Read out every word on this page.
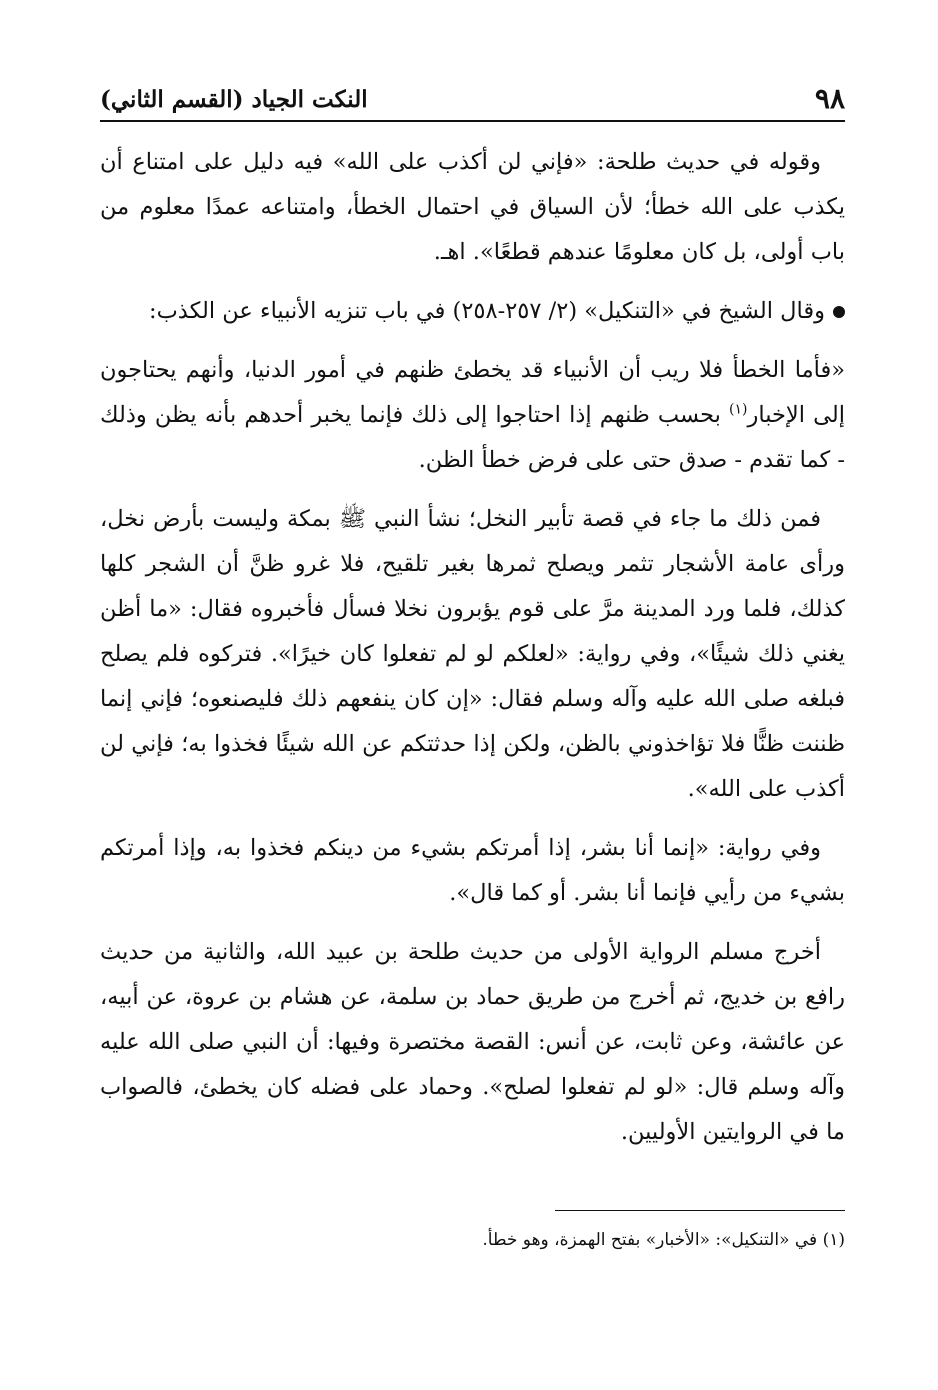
٩٨
النكت الجياد (القسم الثاني)

وقوله في حديث طلحة: «فإني لن أكذب على الله» فيه دليل على امتناع أن يكذب على الله خطأ؛ لأن السياق في احتمال الخطأ، وامتناعه عمدًا معلوم من باب أولى، بل كان معلومًا عندهم قطعًا». اهـ.

وقال الشيخ في «التنكيل» (٢/ ٢٥٧-٢٥٨) في باب تنزيه الأنبياء عن الكذب:

«فأما الخطأ فلا ريب أن الأنبياء قد يخطئ ظنهم في أمور الدنيا، وأنهم يحتاجون إلى الإخبار$^{(١)}$ بحسب ظنهم إذا احتاجوا إلى ذلك فإنما يخبر أحدهم بأنه يظن وذلك - كما تقدم - صدق حتى على فرض خطأ الظن.

فمن ذلك ما جاء في قصة تأبير النخل؛ نشأ النبي ﷺ بمكة وليست بأرض نخل، ورأى عامة الأشجار تثمر ويصلح ثمرها بغير تلقيح، فلا غرو ظنَّ أن الشجر كلها كذلك، فلما ورد المدينة مرَّ على قوم يؤبرون نخلا فسأل فأخبروه فقال: «ما أظن يغني ذلك شيئًا»، وفي رواية: «لعلكم لو لم تفعلوا كان خيرًا». فتركوه فلم يصلح فبلغه صلى الله عليه وآله وسلم فقال: «إن كان ينفعهم ذلك فليصنعوه؛ فإني إنما ظننت ظنًّا فلا تؤاخذوني بالظن، ولكن إذا حدثتكم عن الله شيئًا فخذوا به؛ فإني لن أكذب على الله».

وفي رواية: «إنما أنا بشر، إذا أمرتكم بشيء من دينكم فخذوا به، وإذا أمرتكم بشيء من رأيي فإنما أنا بشر. أو كما قال».

أخرج مسلم الرواية الأولى من حديث طلحة بن عبيد الله، والثانية من حديث رافع بن خديج، ثم أخرج من طريق حماد بن سلمة، عن هشام بن عروة، عن أبيه، عن عائشة، وعن ثابت، عن أنس: القصة مختصرة وفيها: أن النبي صلى الله عليه وآله وسلم قال: «لو لم تفعلوا لصلح». وحماد على فضله كان يخطئ، فالصواب ما في الروايتين الأوليين.

(١) في «التنكيل»: «الأخبار» بفتح الهمزة، وهو خطأ.
